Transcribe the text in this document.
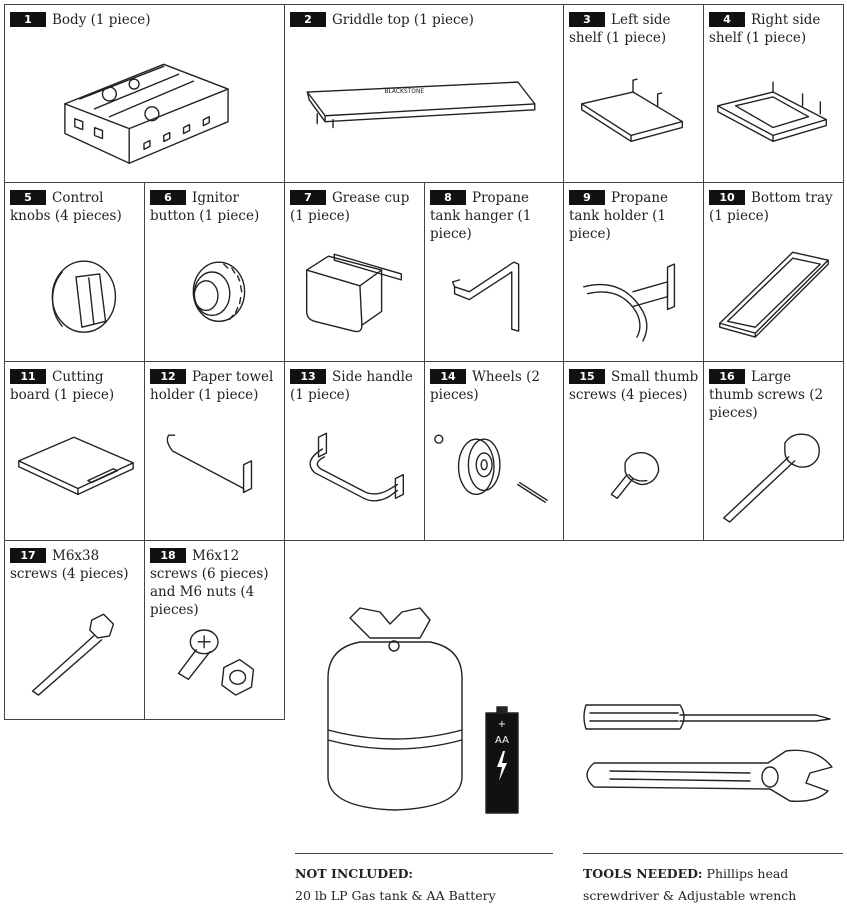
1 Body (1 piece)	2 Griddle top (1 piece)
BLACKSTONE
3 Left side shelf (1 piece)
4 Right side shelf (1 piece)
5 Control knobs (4 pieces)
6 Ignitor button (1 piece)
7 Grease cup (1 piece)
8 Propane tank hanger (1 piece)
9 Propane tank holder (1 piece)
10 Bottom tray (1 piece)
11 Cutting board (1 piece)
12 Paper towel holder (1 piece)
13 Side handle (1 piece)
14 Wheels (2 pieces)
15 Small thumb screws (4 pieces)
16 Large thumb screws (2 pieces)
17 M6x38 screws (4 pieces)
18 M6x12 screws (6 pieces) and M6 nuts (4 pieces)
+
AA
NOT INCLUDED:
20 lb LP Gas tank & AA Battery
TOOLS NEEDED: Phillips head screwdriver & Adjustable wrench
